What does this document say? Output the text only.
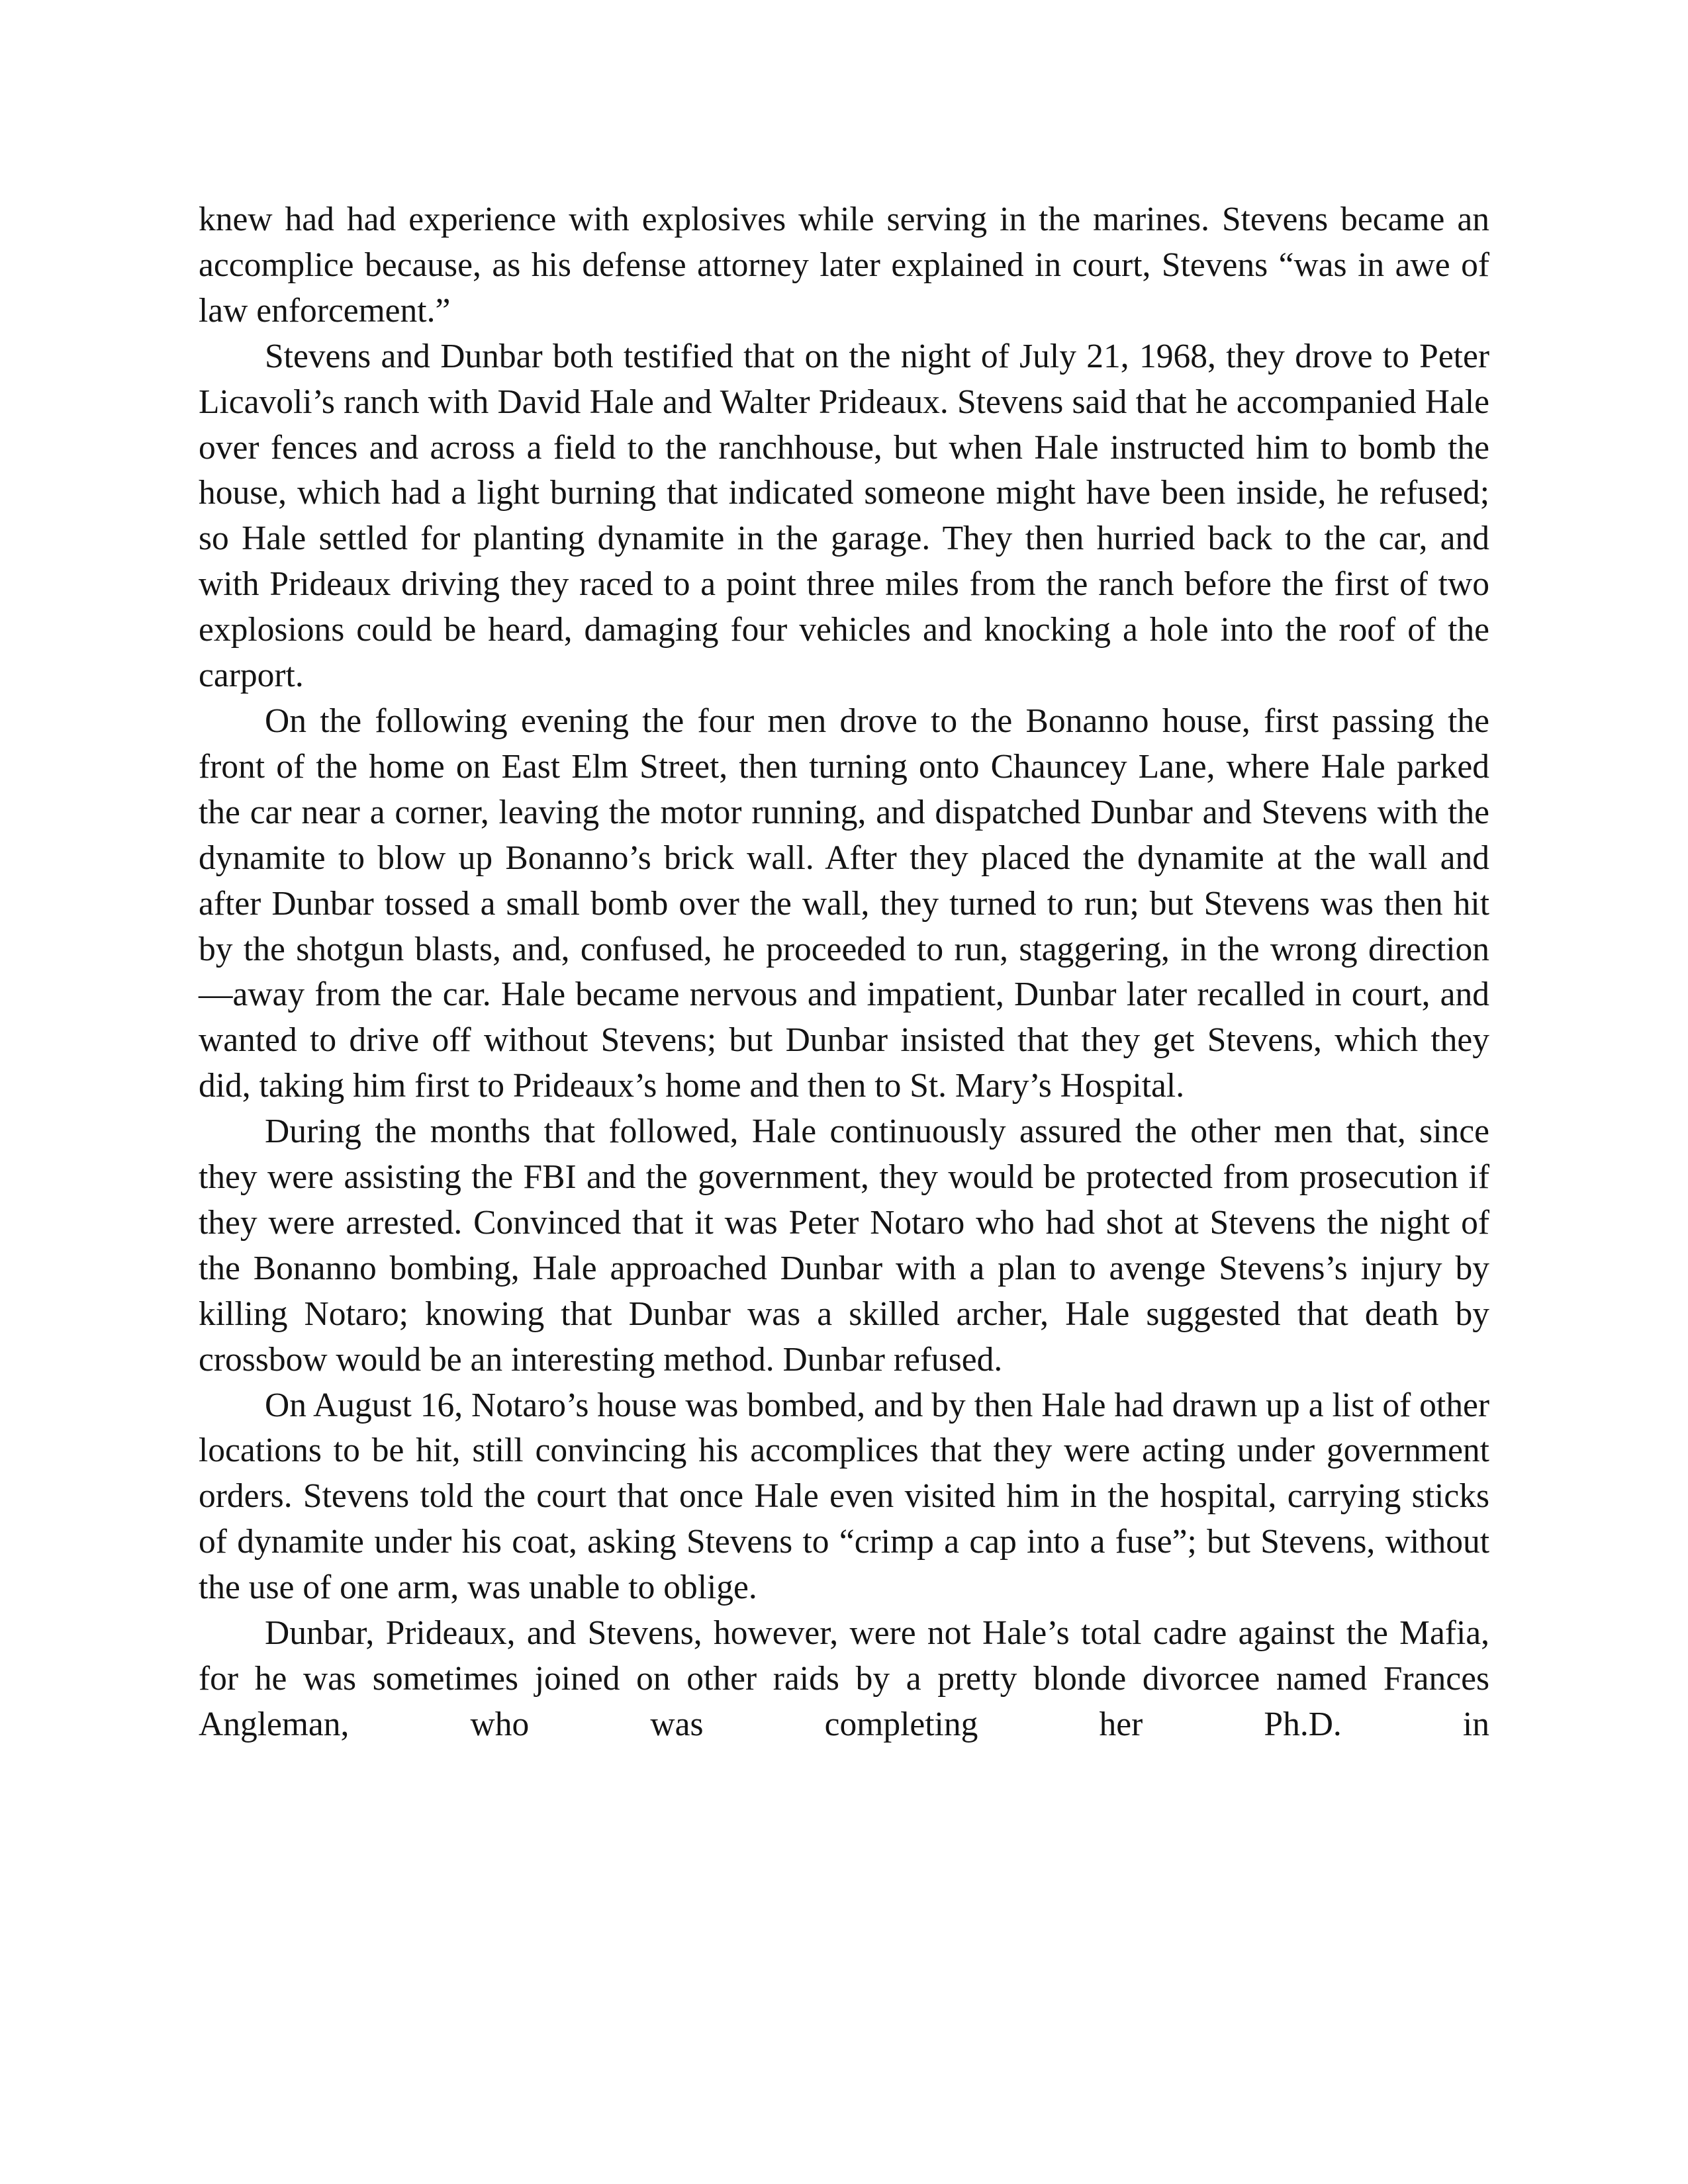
knew had had experience with explosives while serving in the marines. Stevens became an accomplice because, as his defense attorney later explained in court, Stevens “was in awe of law enforcement.”

Stevens and Dunbar both testified that on the night of July 21, 1968, they drove to Peter Licavoli’s ranch with David Hale and Walter Prideaux. Stevens said that he accompanied Hale over fences and across a field to the ranchhouse, but when Hale instructed him to bomb the house, which had a light burning that indicated someone might have been inside, he refused; so Hale settled for planting dynamite in the garage. They then hurried back to the car, and with Prideaux driving they raced to a point three miles from the ranch before the first of two explosions could be heard, damaging four vehicles and knocking a hole into the roof of the carport.

On the following evening the four men drove to the Bonanno house, first passing the front of the home on East Elm Street, then turning onto Chauncey Lane, where Hale parked the car near a corner, leaving the motor running, and dispatched Dunbar and Stevens with the dynamite to blow up Bonanno’s brick wall. After they placed the dynamite at the wall and after Dunbar tossed a small bomb over the wall, they turned to run; but Stevens was then hit by the shotgun blasts, and, confused, he proceeded to run, staggering, in the wrong direction—away from the car. Hale became nervous and impatient, Dunbar later recalled in court, and wanted to drive off without Stevens; but Dunbar insisted that they get Stevens, which they did, taking him first to Prideaux’s home and then to St. Mary’s Hospital.

During the months that followed, Hale continuously assured the other men that, since they were assisting the FBI and the government, they would be protected from prosecution if they were arrested. Convinced that it was Peter Notaro who had shot at Stevens the night of the Bonanno bombing, Hale approached Dunbar with a plan to avenge Stevens’s injury by killing Notaro; knowing that Dunbar was a skilled archer, Hale suggested that death by crossbow would be an interesting method. Dunbar refused.

On August 16, Notaro’s house was bombed, and by then Hale had drawn up a list of other locations to be hit, still convincing his accomplices that they were acting under government orders. Stevens told the court that once Hale even visited him in the hospital, carrying sticks of dynamite under his coat, asking Stevens to “crimp a cap into a fuse”; but Stevens, without the use of one arm, was unable to oblige.

Dunbar, Prideaux, and Stevens, however, were not Hale’s total cadre against the Mafia, for he was sometimes joined on other raids by a pretty blonde divorcee named Frances Angleman, who was completing her Ph.D. in
